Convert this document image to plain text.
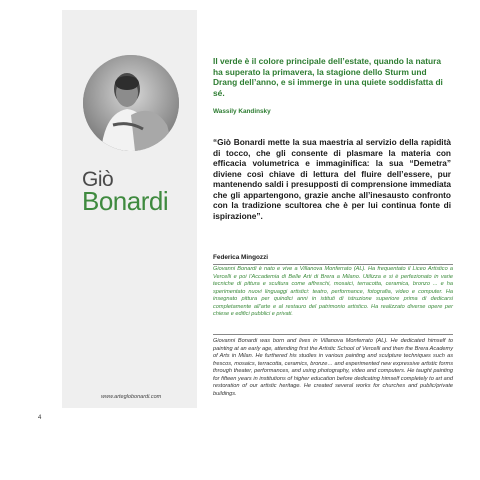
Giò
Bonardi
www.arteglobonardi.com
4
Il verde è il colore principale dell’estate, quando la natura ha superato la primavera, la stagione dello Sturm und Drang dell’anno, e si immerge in una quiete soddisfatta di sé.
Wassily Kandinsky
“Giò Bonardi mette la sua maestria al servizio della rapidità di tocco, che gli consente di plasmare la materia con efficacia volumetrica e immaginifica: la sua “Demetra” diviene così chiave di lettura del fluire dell’essere, pur mantenendo saldi i presupposti di comprensione immediata che gli appartengono, grazie anche all’inesausto confronto con la tradizione scultorea che è per lui continua fonte di ispirazione”.
Federica Mingozzi

Giovanni Bonardi è nato e vive a Villanova Monferrato (AL). Ha frequentato il Liceo Artistico a Vercelli e poi l’Accademia di Belle Arti di Brera a Milano. Utilizza e si è perfezionato in varie tecniche di pittura e scultura come affreschi, mosaici, terracotta, ceramica, bronzo ... e ha sperimentato nuovi linguaggi artistici: teatro, performance, fotografia, video e computer. Ha insegnato pittura per quindici anni in istituti di istruzione superiore prima di dedicarsi completamente all’arte e al restauro del patrimonio artistico. Ha realizzato diverse opere per chiese e edifici pubblici e privati.

Giovanni Bonardi was born and lives in Villanova Monferrato (AL). He dedicated himself to painting at an early age, attending first the Artistic School of Vercelli and then the Brera Academy of Arts in Milan. He furthered his studies in various painting and sculpture techniques such as frescos, mosaics, terracotta, ceramics, bronze… and experimented new expressive artistic forms through theater, performances, and using photography, video and computers. He taught painting for fifteen years in institutions of higher education before dedicating himself completely to art and restoration of our artistic heritage. He created several works for churches and public/private buildings.
